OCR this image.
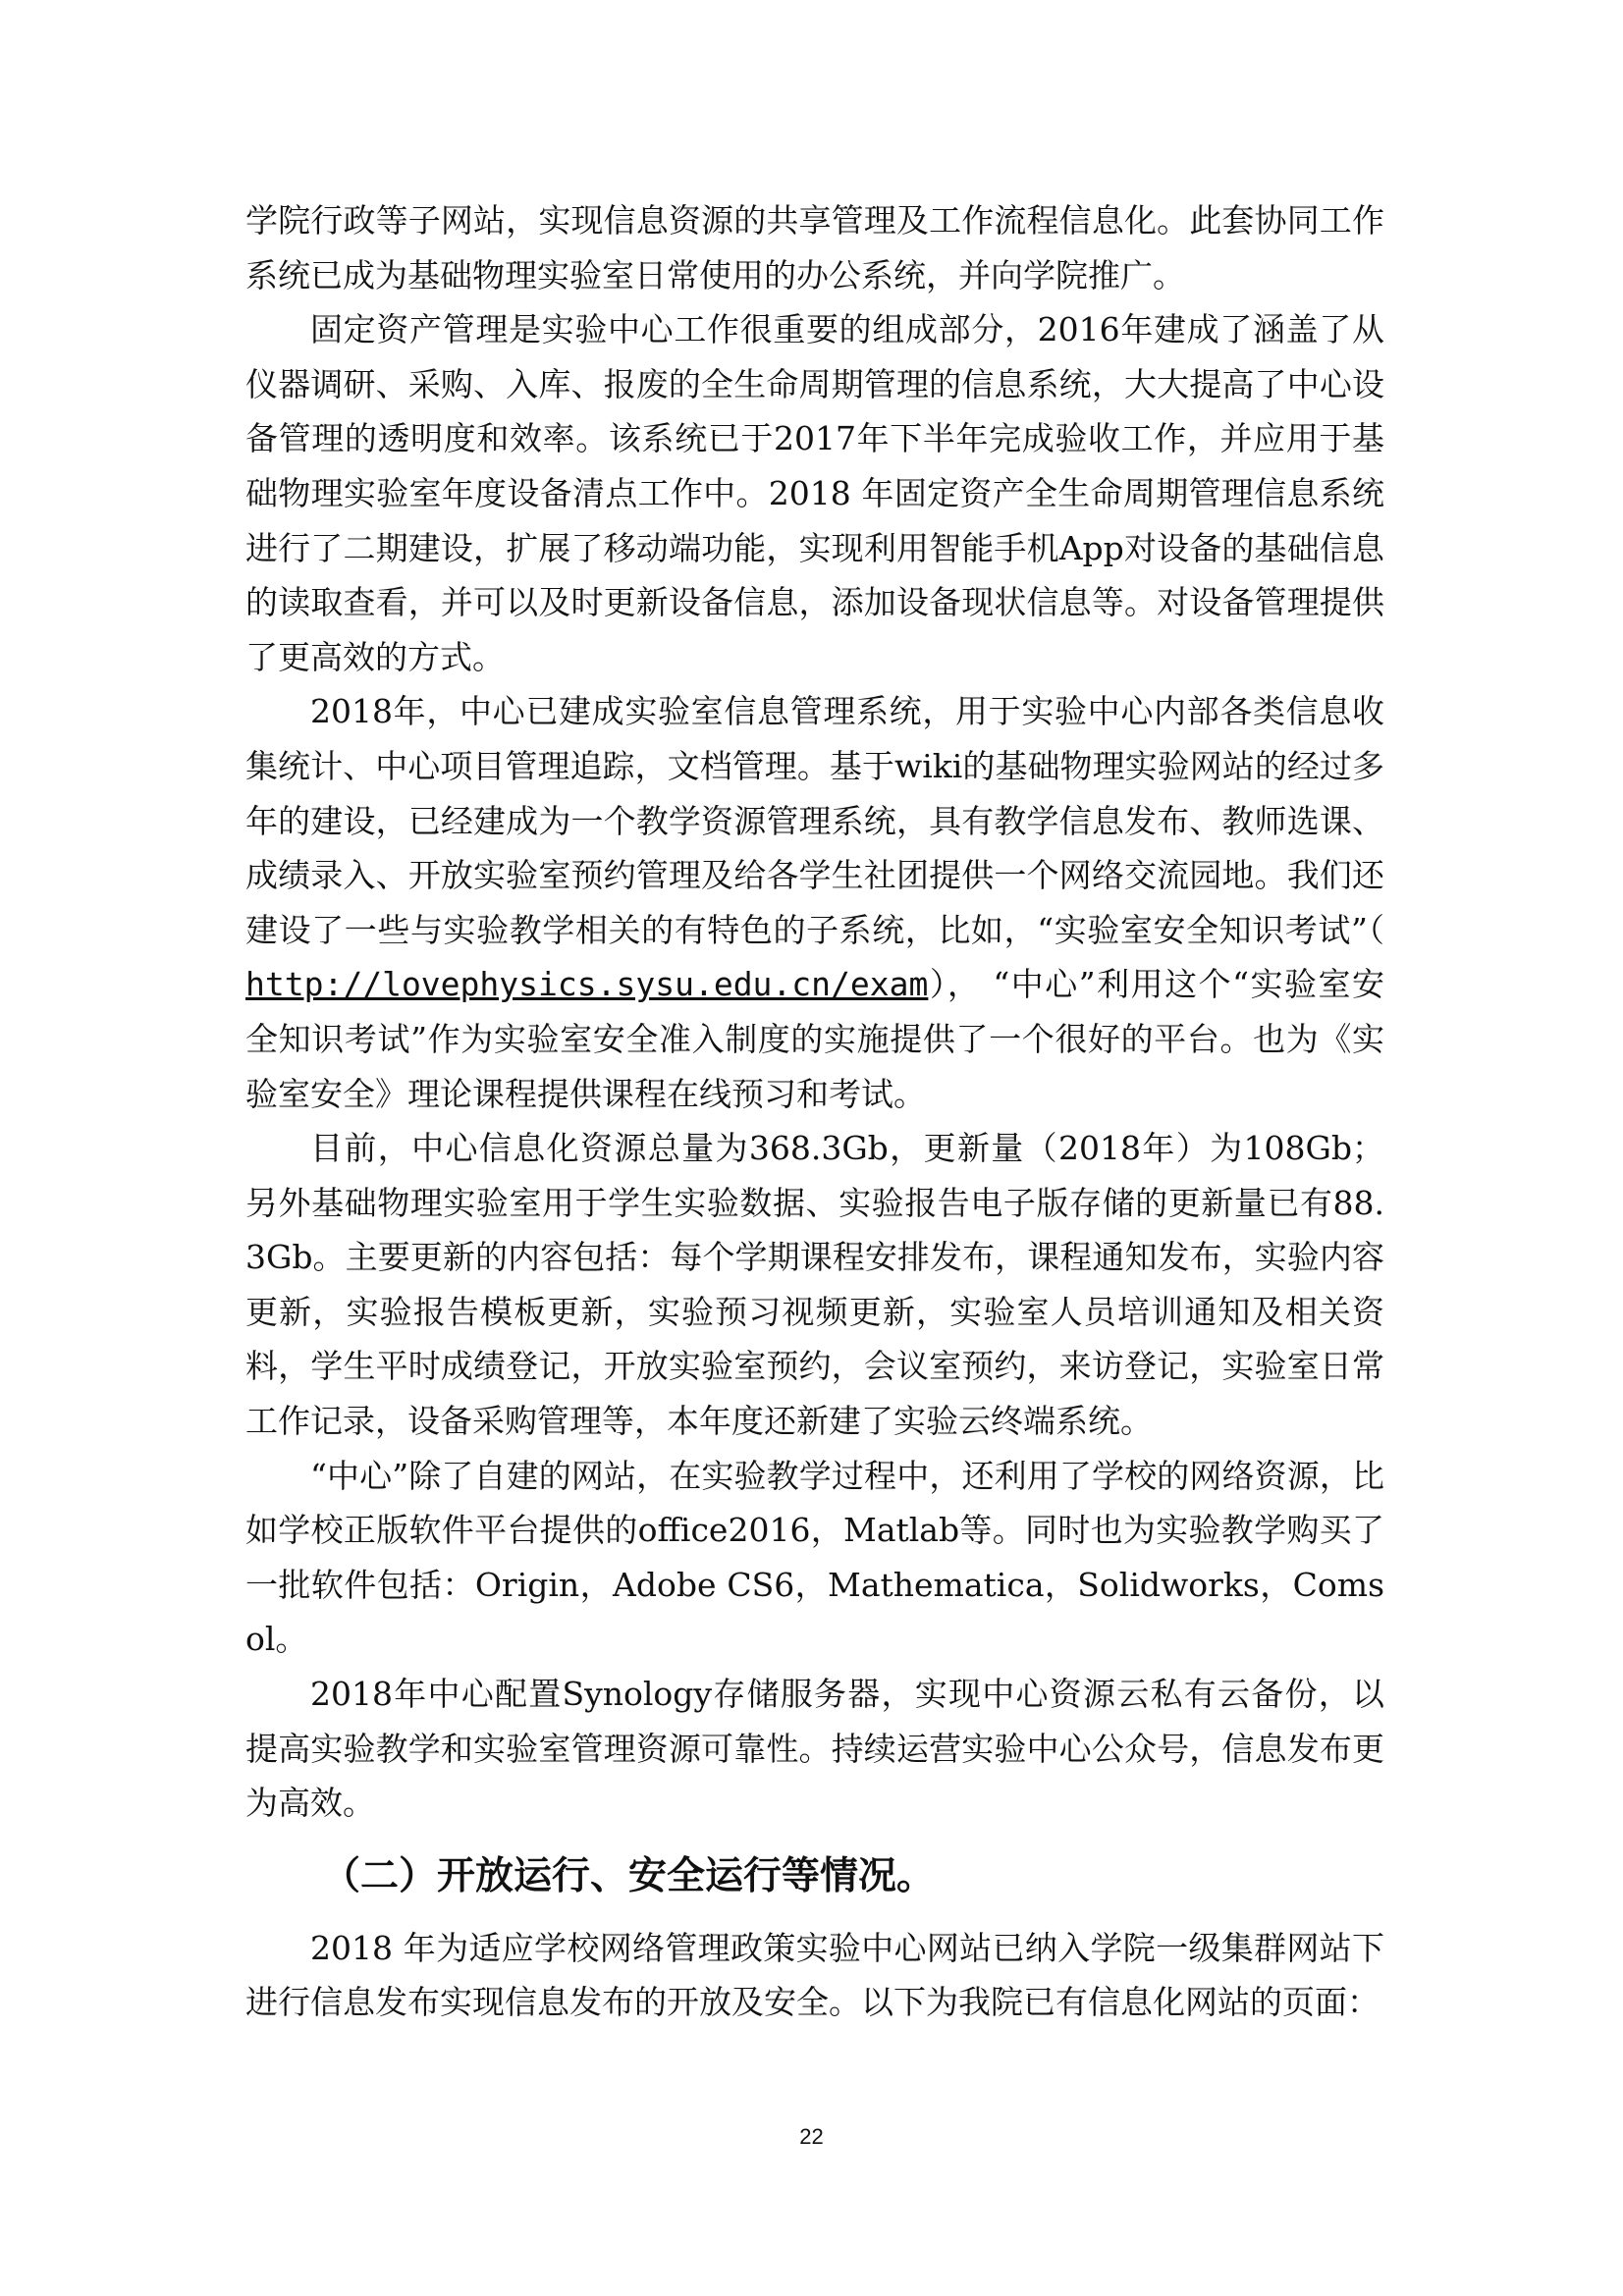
学院行政等子网站，实现信息资源的共享管理及工作流程信息化。此套协同工作系统已成为基础物理实验室日常使用的办公系统，并向学院推广。

固定资产管理是实验中心工作很重要的组成部分，2016年建成了涵盖了从仪器调研、采购、入库、报废的全生命周期管理的信息系统，大大提高了中心设备管理的透明度和效率。该系统已于2017年下半年完成验收工作，并应用于基础物理实验室年度设备清点工作中。2018 年固定资产全生命周期管理信息系统进行了二期建设，扩展了移动端功能，实现利用智能手机App对设备的基础信息的读取查看，并可以及时更新设备信息，添加设备现状信息等。对设备管理提供了更高效的方式。

2018年，中心已建成实验室信息管理系统，用于实验中心内部各类信息收集统计、中心项目管理追踪，文档管理。基于wiki的基础物理实验网站的经过多年的建设，已经建成为一个教学资源管理系统，具有教学信息发布、教师选课、成绩录入、开放实验室预约管理及给各学生社团提供一个网络交流园地。我们还建设了一些与实验教学相关的有特色的子系统，比如，“实验室安全知识考试”（ http://lovephysics.sysu.edu.cn/exam）， “中心”利用这个“实验室安全知识考试”作为实验室安全准入制度的实施提供了一个很好的平台。也为《实验室安全》理论课程提供课程在线预习和考试。

目前，中心信息化资源总量为368.3Gb，更新量（2018年）为108Gb；另外基础物理实验室用于学生实验数据、实验报告电子版存储的更新量已有88.3Gb。主要更新的内容包括：每个学期课程安排发布，课程通知发布，实验内容更新，实验报告模板更新，实验预习视频更新，实验室人员培训通知及相关资料，学生平时成绩登记，开放实验室预约，会议室预约，来访登记，实验室日常工作记录，设备采购管理等，本年度还新建了实验云终端系统。

“中心”除了自建的网站，在实验教学过程中，还利用了学校的网络资源，比如学校正版软件平台提供的office2016，Matlab等。同时也为实验教学购买了一批软件包括：Origin，Adobe CS6，Mathematica，Solidworks，Comsol。

2018年中心配置Synology存储服务器，实现中心资源云私有云备份，以提高实验教学和实验室管理资源可靠性。持续运营实验中心公众号，信息发布更为高效。

（二）开放运行、安全运行等情况。

2018 年为适应学校网络管理政策实验中心网站已纳入学院一级集群网站下进行信息发布实现信息发布的开放及安全。以下为我院已有信息化网站的页面：

22
